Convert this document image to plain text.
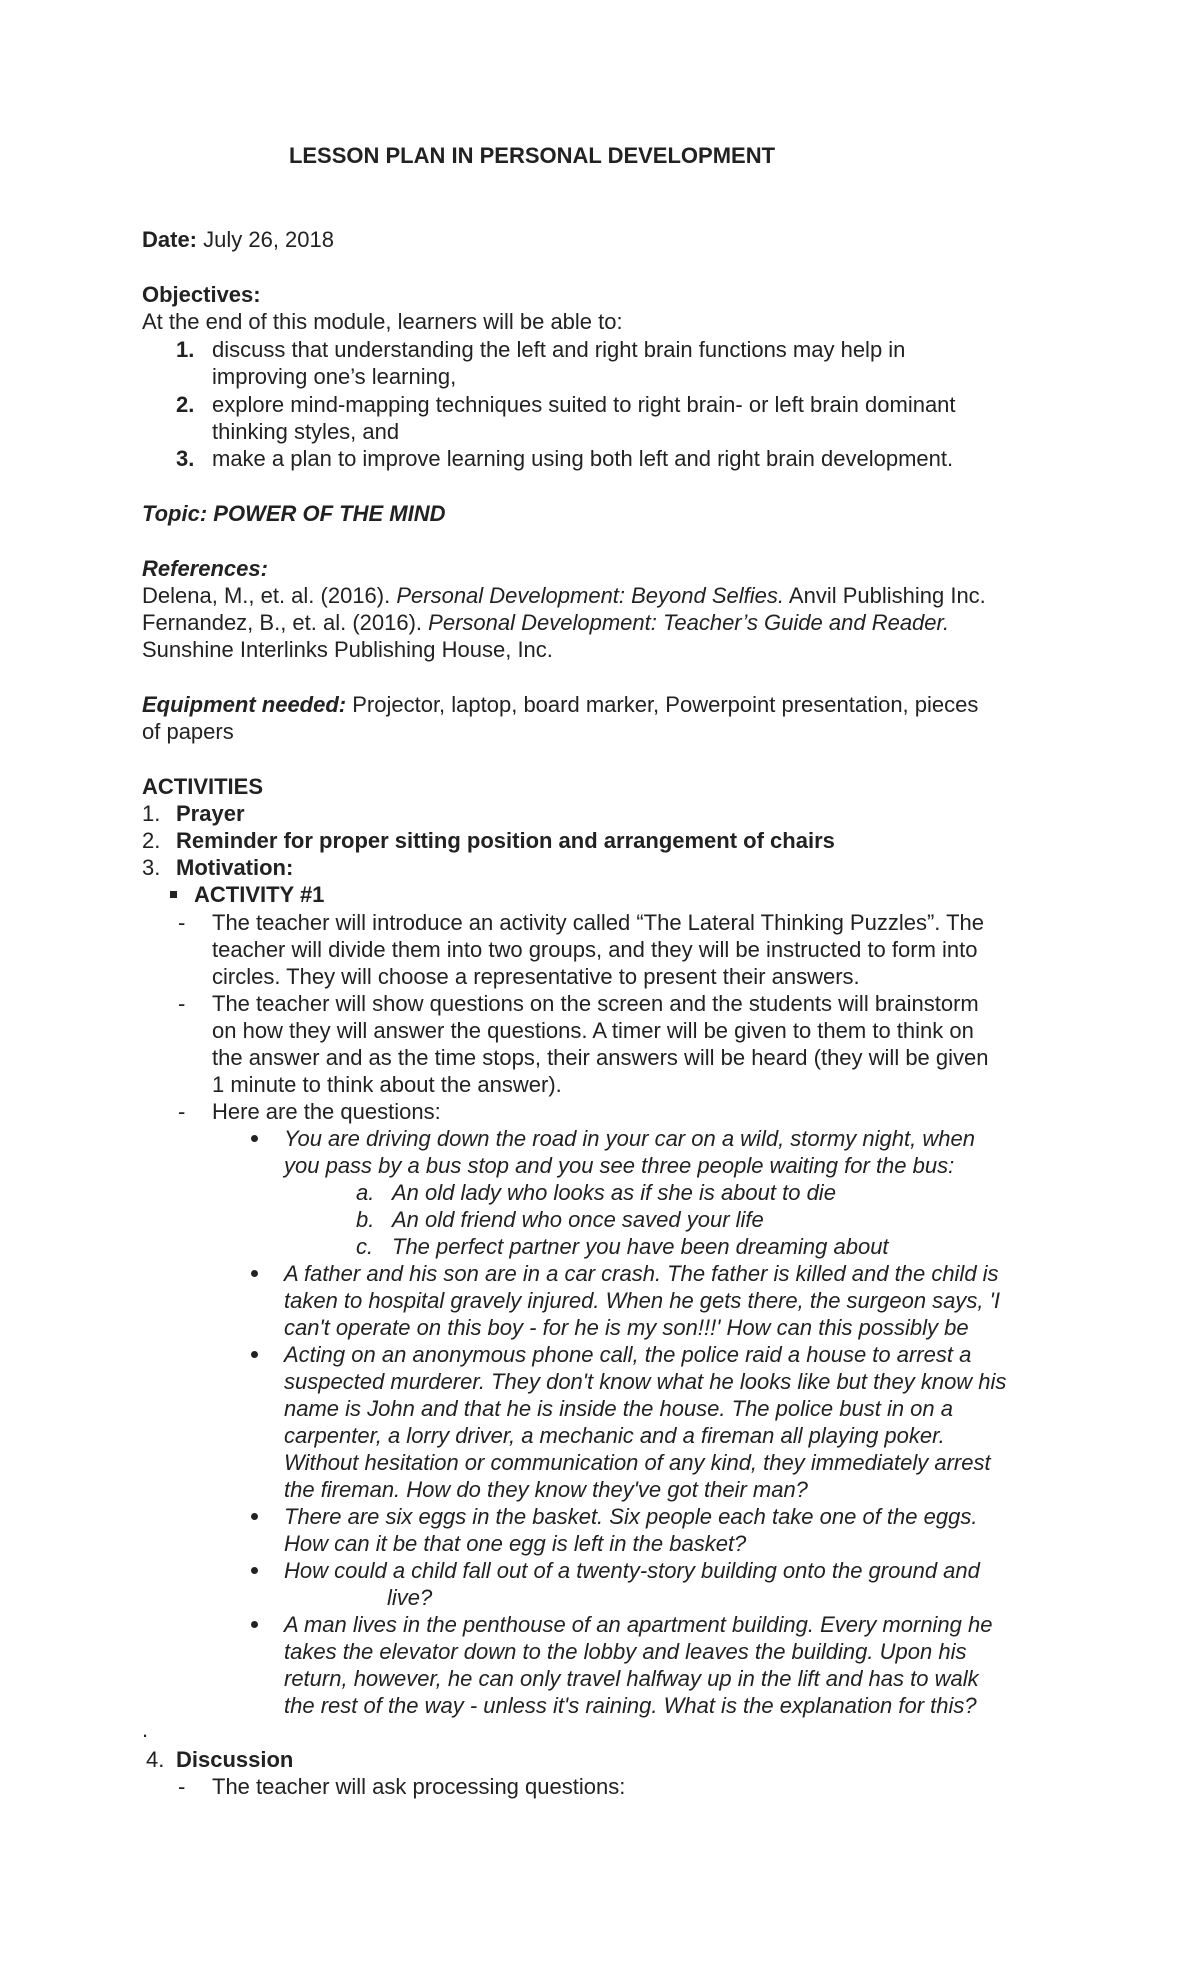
LESSON PLAN IN PERSONAL DEVELOPMENT
Date: July 26, 2018
Objectives:
At the end of this module, learners will be able to:
1. discuss that understanding the left and right brain functions may help in
improving one’s learning,
2. explore mind-mapping techniques suited to right brain- or left brain dominant
thinking styles, and
3. make a plan to improve learning using both left and right brain development.
Topic: POWER OF THE MIND
References:
Delena, M., et. al. (2016). Personal Development: Beyond Selfies. Anvil Publishing Inc.
Fernandez, B., et. al. (2016). Personal Development: Teacher’s Guide and Reader.
Sunshine Interlinks Publishing House, Inc.
Equipment needed: Projector, laptop, board marker, Powerpoint presentation, pieces
of papers
ACTIVITIES
1. Prayer
2. Reminder for proper sitting position and arrangement of chairs
3. Motivation:
ACTIVITY #1
- The teacher will introduce an activity called “The Lateral Thinking Puzzles”. The
teacher will divide them into two groups, and they will be instructed to form into
circles. They will choose a representative to present their answers.
- The teacher will show questions on the screen and the students will brainstorm
on how they will answer the questions. A timer will be given to them to think on
the answer and as the time stops, their answers will be heard (they will be given
1 minute to think about the answer).
- Here are the questions:
You are driving down the road in your car on a wild, stormy night, when
you pass by a bus stop and you see three people waiting for the bus:
a. An old lady who looks as if she is about to die
b. An old friend who once saved your life
c. The perfect partner you have been dreaming about
A father and his son are in a car crash. The father is killed and the child is
taken to hospital gravely injured. When he gets there, the surgeon says, 'I
can't operate on this boy - for he is my son!!!' How can this possibly be
Acting on an anonymous phone call, the police raid a house to arrest a
suspected murderer. They don't know what he looks like but they know his
name is John and that he is inside the house. The police bust in on a
carpenter, a lorry driver, a mechanic and a fireman all playing poker.
Without hesitation or communication of any kind, they immediately arrest
the fireman. How do they know they've got their man?
There are six eggs in the basket. Six people each take one of the eggs.
How can it be that one egg is left in the basket?
How could a child fall out of a twenty-story building onto the ground and
live?
A man lives in the penthouse of an apartment building. Every morning he
takes the elevator down to the lobby and leaves the building. Upon his
return, however, he can only travel halfway up in the lift and has to walk
the rest of the way - unless it's raining. What is the explanation for this?
.
4. Discussion
- The teacher will ask processing questions:
